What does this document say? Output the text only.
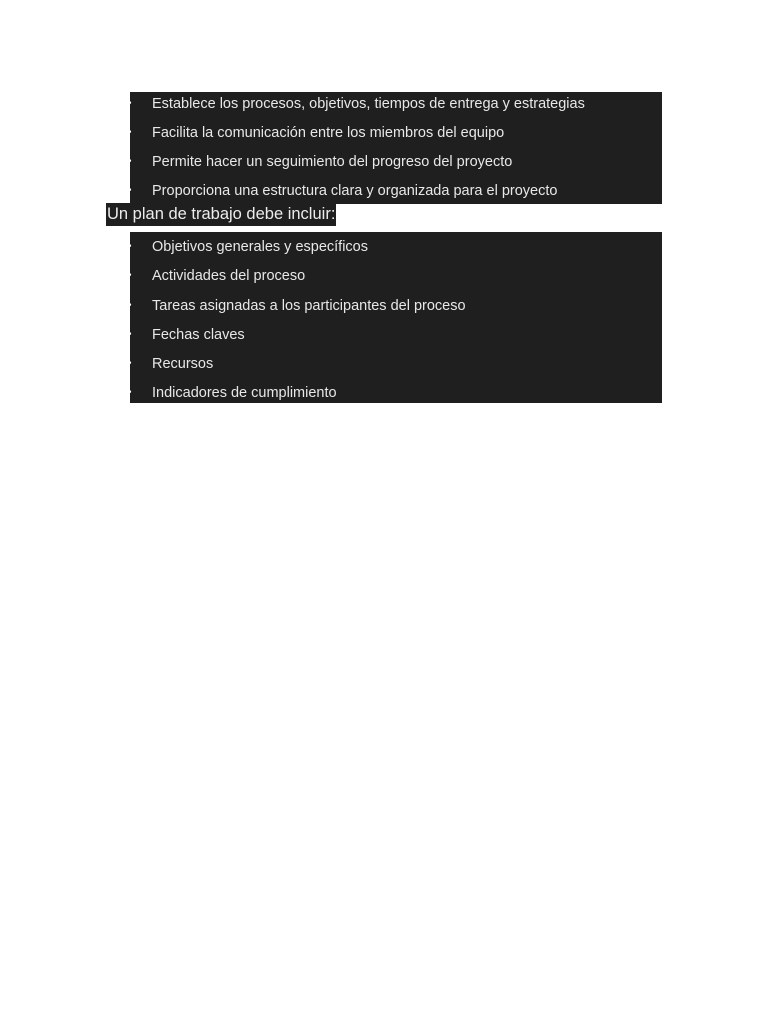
• Establece los procesos, objetivos, tiempos de entrega y estrategias
• Facilita la comunicación entre los miembros del equipo
• Permite hacer un seguimiento del progreso del proyecto
• Proporciona una estructura clara y organizada para el proyecto
Un plan de trabajo debe incluir:
• Objetivos generales y específicos
• Actividades del proceso
• Tareas asignadas a los participantes del proceso
• Fechas claves
• Recursos
• Indicadores de cumplimiento
